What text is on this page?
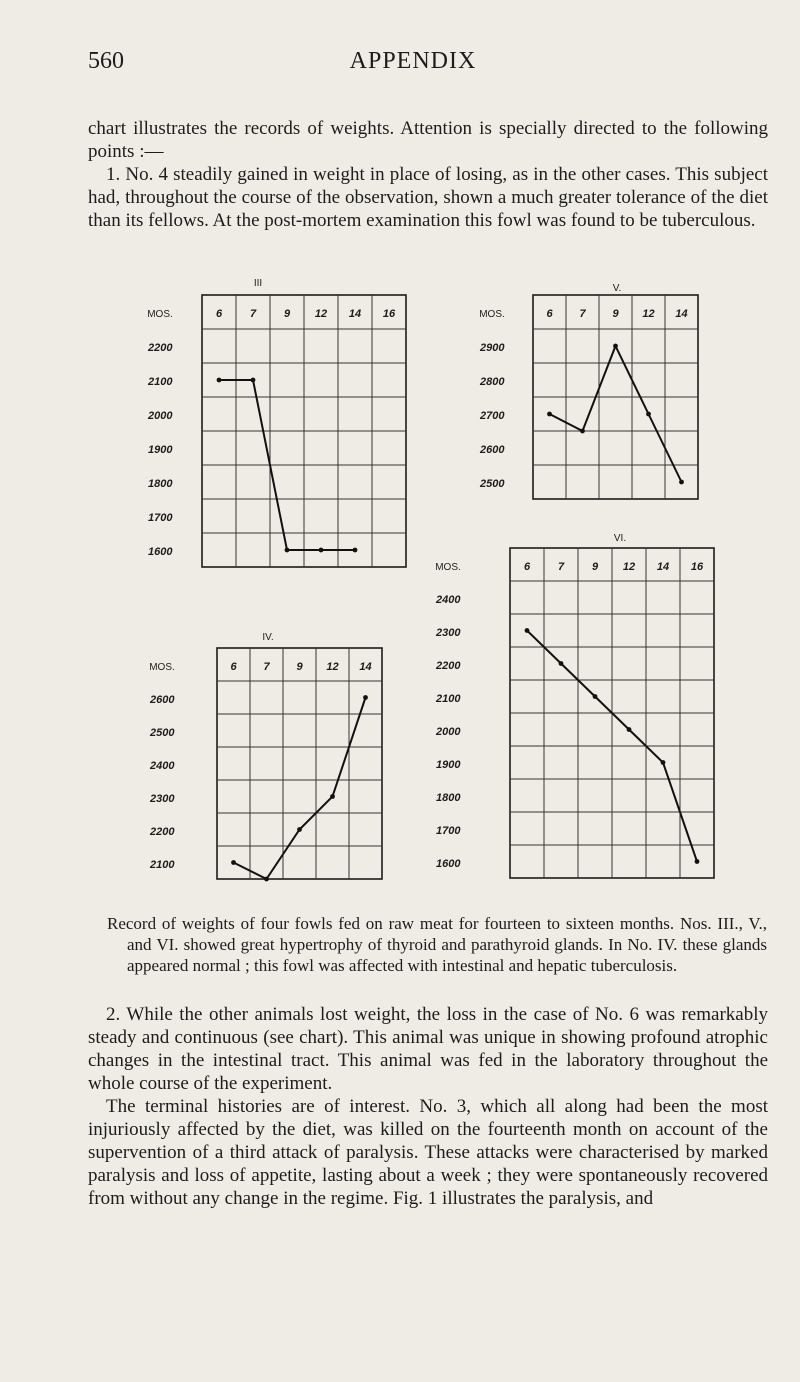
560	APPENDIX

chart illustrates the records of weights. Attention is specially directed to the following points :—

1. No. 4 steadily gained in weight in place of losing, as in the other cases. This subject had, throughout the course of the observation, shown a much greater tolerance of the diet than its fellows. At the post-mortem examination this fowl was found to be tuberculous.

III
MOS.	6	7	9 12 14 16
2200
2100
2000
1900
1800
1700
1600
V.
MOS.	6 7 9 12 14
2900
2800
2700
2600
2500
IV.
MOS.	6 7 9 12 14
2600
2500
2400
2300
2200
2100
VI.
MOS.	6	7	9 12 14 16
2400
2300
2200
2100
2000
1900
1800
1700
1600
Record of weights of four fowls fed on raw meat for fourteen to sixteen months. Nos. III., V., and VI. showed great hypertrophy of thyroid and parathyroid glands. In No. IV. these glands appeared normal ; this fowl was affected with intestinal and hepatic tuberculosis.

2. While the other animals lost weight, the loss in the case of No. 6 was remarkably steady and continuous (see chart). This animal was unique in showing profound atrophic changes in the intestinal tract. This animal was fed in the laboratory throughout the whole course of the experiment.

The terminal histories are of interest. No. 3, which all along had been the most injuriously affected by the diet, was killed on the fourteenth month on account of the supervention of a third attack of paralysis. These attacks were characterised by marked paralysis and loss of appetite, lasting about a week ; they were spontaneously recovered from without any change in the regime. Fig. 1 illustrates the paralysis, and
